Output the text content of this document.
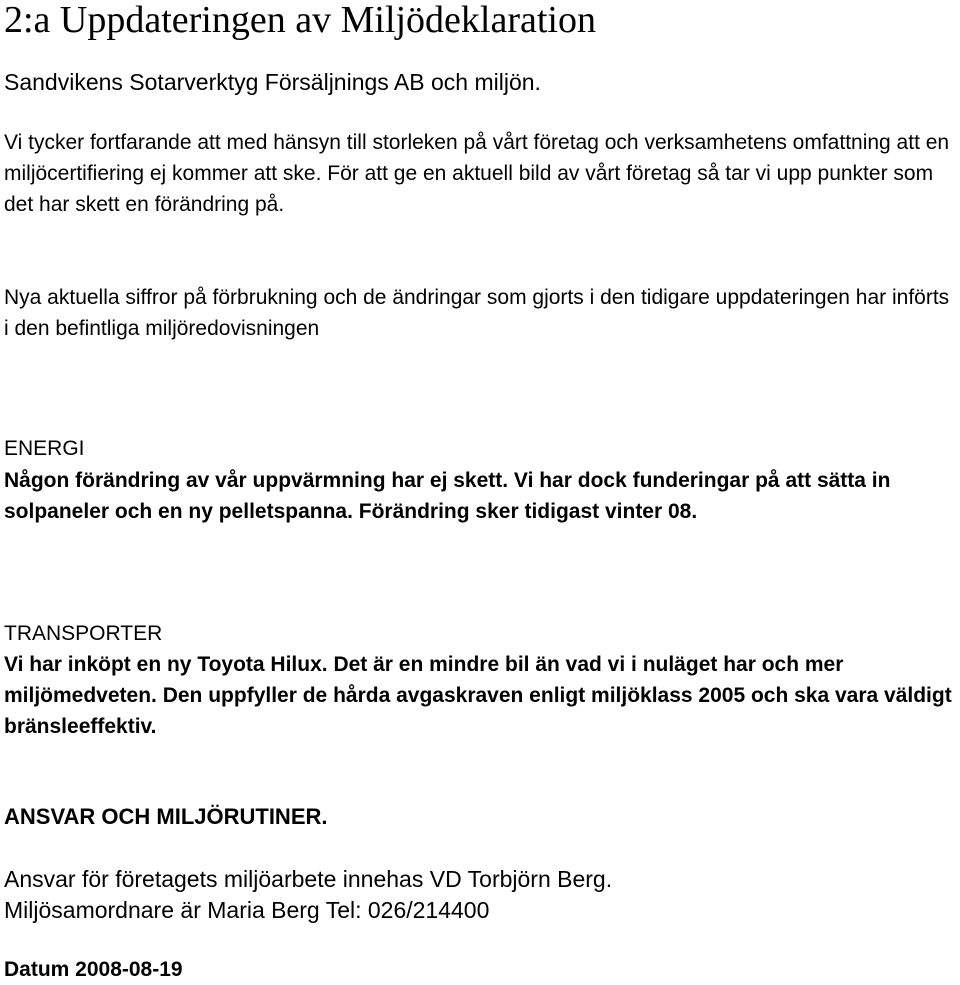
2:a Uppdateringen av Miljödeklaration

Sandvikens Sotarverktyg Försäljnings AB och miljön.

Vi tycker fortfarande att med hänsyn till storleken på vårt företag och verksamhetens omfattning att en miljöcertifiering ej kommer att ske. För att ge en aktuell bild av vårt företag så tar vi upp punkter som det har skett en förändring på.

Nya aktuella siffror på förbrukning och de ändringar som gjorts i den tidigare uppdateringen har införts i den befintliga miljöredovisningen

ENERGI

Någon förändring av vår uppvärmning har ej skett. Vi har dock funderingar på att sätta in solpaneler och en ny pelletspanna. Förändring sker tidigast vinter 08.

TRANSPORTER

Vi har inköpt en ny Toyota Hilux. Det är en mindre bil än vad vi i nuläget har och mer miljömedveten. Den uppfyller de hårda avgaskraven enligt miljöklass 2005 och ska vara väldigt bränsleeffektiv.

ANSVAR OCH MILJÖRUTINER.

Ansvar för företagets miljöarbete innehas VD Torbjörn Berg.

Miljösamordnare är Maria Berg Tel: 026/214400

Datum 2008-08-19
